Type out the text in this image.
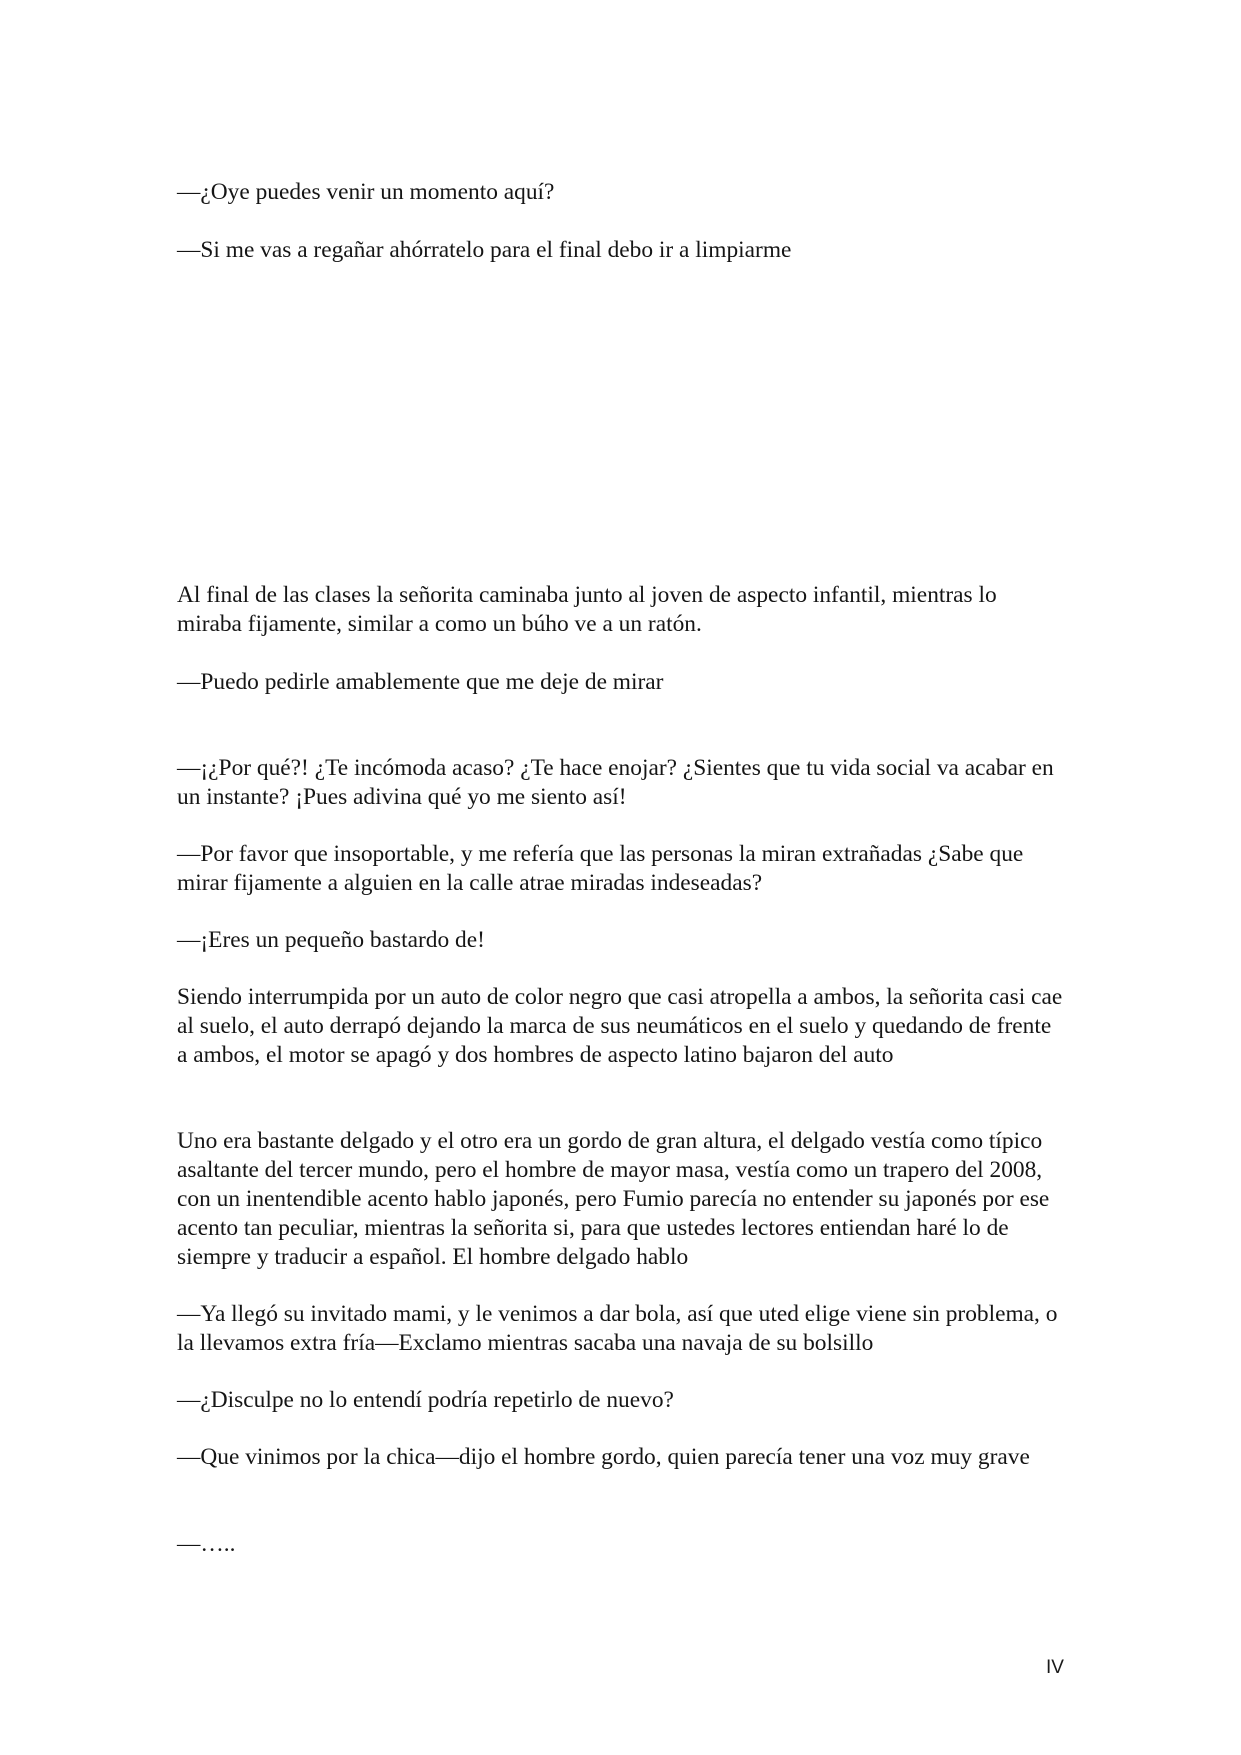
—¿Oye puedes venir un momento aquí?

—Si me vas a regañar ahórratelo para el final debo ir a limpiarme

Al final de las clases la señorita caminaba junto al joven de aspecto infantil, mientras lo miraba fijamente, similar a como un búho ve a un ratón.

—Puedo pedirle amablemente que me deje de mirar

—¡¿Por qué?! ¿Te incómoda acaso? ¿Te hace enojar? ¿Sientes que tu vida social va acabar en un instante? ¡Pues adivina qué yo me siento así!

—Por favor que insoportable, y me refería que las personas la miran extrañadas ¿Sabe que mirar fijamente a alguien en la calle atrae miradas indeseadas?

—¡Eres un pequeño bastardo de!

Siendo interrumpida por un auto de color negro que casi atropella a ambos, la señorita casi cae al suelo, el auto derrapó dejando la marca de sus neumáticos en el suelo y quedando de frente a ambos, el motor se apagó y dos hombres de aspecto latino bajaron del auto

Uno era bastante delgado y el otro era un gordo de gran altura, el delgado vestía como típico asaltante del tercer mundo, pero el hombre de mayor masa, vestía como un trapero del 2008, con un inentendible acento hablo japonés, pero Fumio parecía no entender su japonés por ese acento tan peculiar, mientras la señorita si, para que ustedes lectores entiendan haré lo de siempre y traducir a español. El hombre delgado hablo

—Ya llegó su invitado mami, y le venimos a dar bola, así que uted elige viene sin problema, o la llevamos extra fría—Exclamo mientras sacaba una navaja de su bolsillo

—¿Disculpe no lo entendí podría repetirlo de nuevo?

—Que vinimos por la chica—dijo el hombre gordo, quien parecía tener una voz muy grave

—…..

IV
